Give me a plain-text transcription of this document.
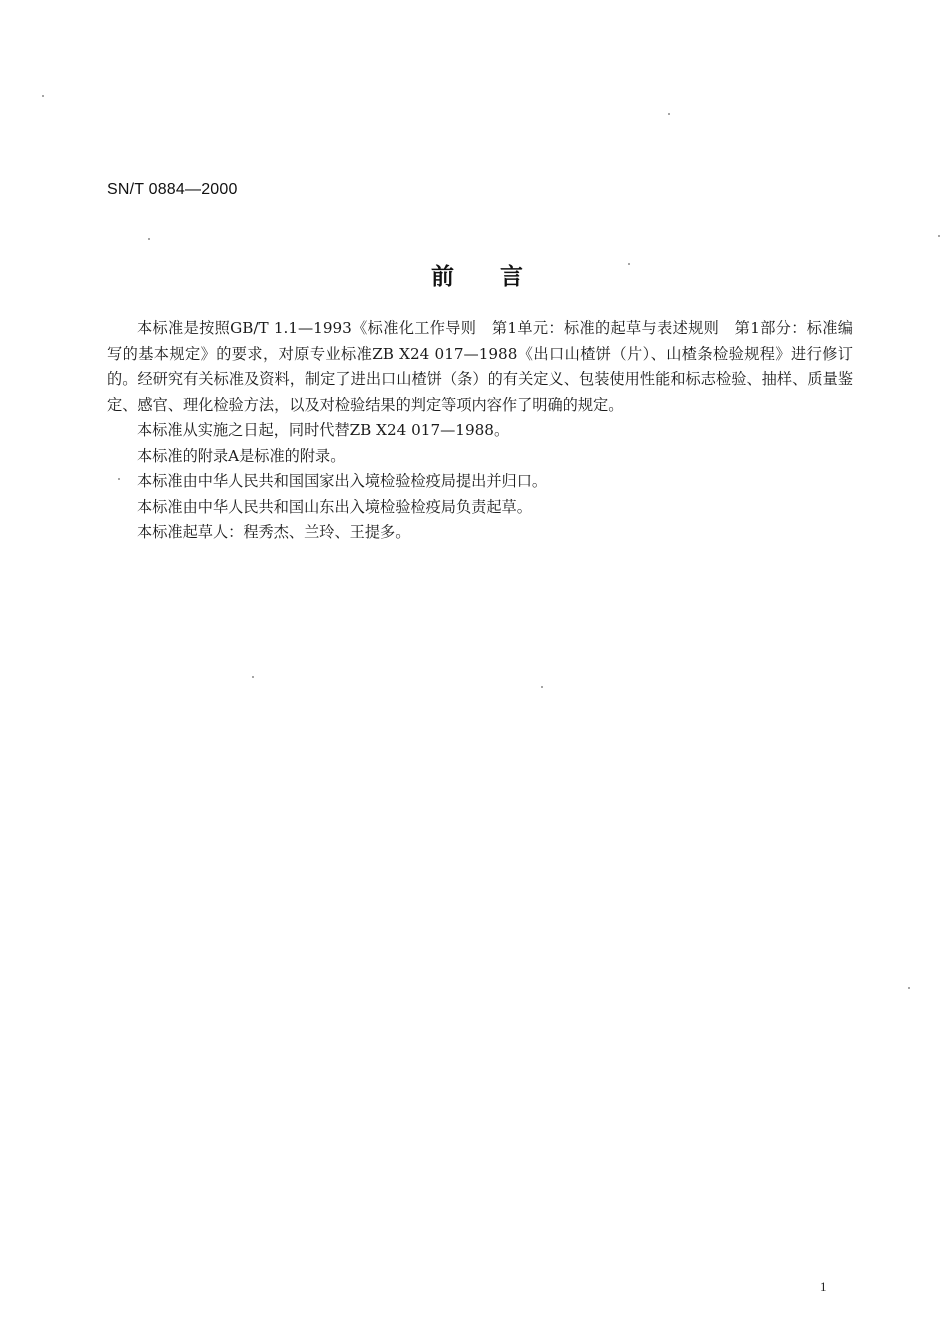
SN/T 0884—2000
前　　言

本标准是按照GB/T 1.1—1993《标准化工作导则　第1单元：标准的起草与表述规则　第1部分：标准编写的基本规定》的要求，对原专业标准ZB X24 017—1988《出口山楂饼（片）、山楂条检验规程》进行修订的。经研究有关标准及资料，制定了进出口山楂饼（条）的有关定义、包装使用性能和标志检验、抽样、质量鉴定、感官、理化检验方法，以及对检验结果的判定等项内容作了明确的规定。

本标准从实施之日起，同时代替ZB X24 017—1988。

本标准的附录A是标准的附录。

本标准由中华人民共和国国家出入境检验检疫局提出并归口。

本标准由中华人民共和国山东出入境检验检疫局负责起草。

本标准起草人：程秀杰、兰玲、王提多。

1
